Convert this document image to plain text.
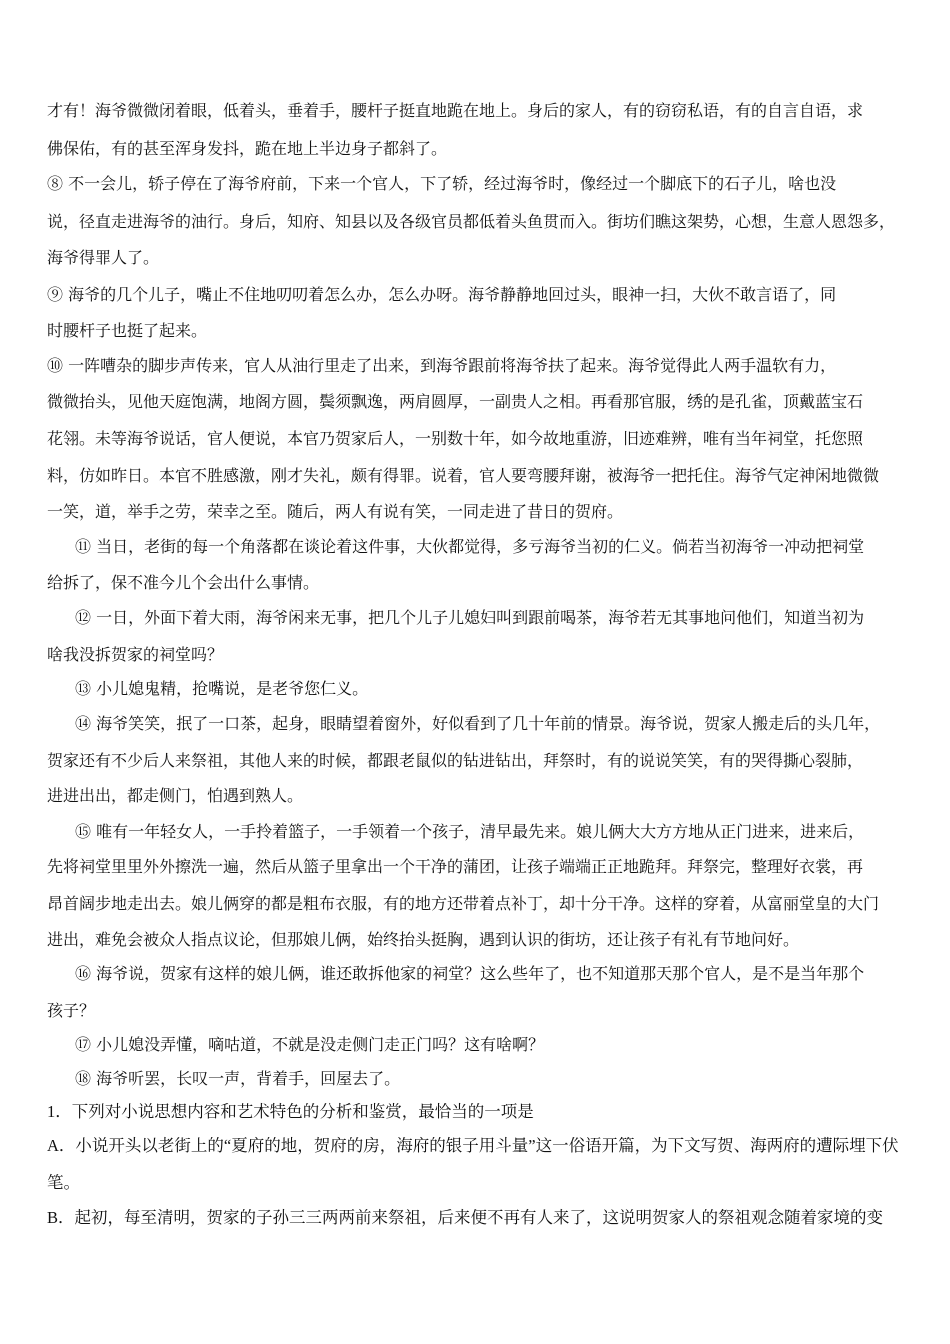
才有！海爷微微闭着眼，低着头，垂着手，腰杆子挺直地跪在地上。身后的家人，有的窃窃私语，有的自言自语，求
佛保佑，有的甚至浑身发抖，跪在地上半边身子都斜了。
⑧ 不一会儿，轿子停在了海爷府前，下来一个官人，下了轿，经过海爷时，像经过一个脚底下的石子儿，啥也没
说，径直走进海爷的油行。身后，知府、知县以及各级官员都低着头鱼贯而入。街坊们瞧这架势，心想，生意人恩怨多，
海爷得罪人了。
⑨ 海爷的几个儿子，嘴止不住地叨叨着怎么办，怎么办呀。海爷静静地回过头，眼神一扫，大伙不敢言语了，同
时腰杆子也挺了起来。
⑩ 一阵嘈杂的脚步声传来，官人从油行里走了出来，到海爷跟前将海爷扶了起来。海爷觉得此人两手温软有力，
微微抬头，见他天庭饱满，地阁方圆，鬓须飘逸，两肩圆厚，一副贵人之相。再看那官服，绣的是孔雀，顶戴蓝宝石
花翎。未等海爷说话，官人便说，本官乃贺家后人，一别数十年，如今故地重游，旧迹难辨，唯有当年祠堂，托您照
料，仿如昨日。本官不胜感激，刚才失礼，颇有得罪。说着，官人要弯腰拜谢，被海爷一把托住。海爷气定神闲地微微
一笑，道，举手之劳，荣幸之至。随后，两人有说有笑，一同走进了昔日的贺府。
⑪ 当日，老街的每一个角落都在谈论着这件事，大伙都觉得，多亏海爷当初的仁义。倘若当初海爷一冲动把祠堂
给拆了，保不准今儿个会出什么事情。
⑫ 一日，外面下着大雨，海爷闲来无事，把几个儿子儿媳妇叫到跟前喝茶，海爷若无其事地问他们，知道当初为
啥我没拆贺家的祠堂吗？
⑬ 小儿媳鬼精，抢嘴说，是老爷您仁义。
⑭ 海爷笑笑，抿了一口茶，起身，眼睛望着窗外，好似看到了几十年前的情景。海爷说，贺家人搬走后的头几年，
贺家还有不少后人来祭祖，其他人来的时候，都跟老鼠似的钻进钻出，拜祭时，有的说说笑笑，有的哭得撕心裂肺，
进进出出，都走侧门，怕遇到熟人。
⑮ 唯有一年轻女人，一手拎着篮子，一手领着一个孩子，清早最先来。娘儿俩大大方方地从正门进来，进来后，
先将祠堂里里外外擦洗一遍，然后从篮子里拿出一个干净的蒲团，让孩子端端正正地跪拜。拜祭完，整理好衣裳，再
昂首阔步地走出去。娘儿俩穿的都是粗布衣服，有的地方还带着点补丁，却十分干净。这样的穿着，从富丽堂皇的大门
进出，难免会被众人指点议论，但那娘儿俩，始终抬头挺胸，遇到认识的街坊，还让孩子有礼有节地问好。
⑯ 海爷说，贺家有这样的娘儿俩，谁还敢拆他家的祠堂？这么些年了，也不知道那天那个官人，是不是当年那个
孩子？
⑰ 小儿媳没弄懂，嘀咕道，不就是没走侧门走正门吗？这有啥啊？
⑱ 海爷听罢，长叹一声，背着手，回屋去了。
1．下列对小说思想内容和艺术特色的分析和鉴赏，最恰当的一项是
A．小说开头以老街上的“夏府的地，贺府的房，海府的银子用斗量”这一俗语开篇，为下文写贺、海两府的遭际埋下伏
笔。
B．起初，每至清明，贺家的子孙三三两两前来祭祖，后来便不再有人来了，这说明贺家人的祭祖观念随着家境的变
